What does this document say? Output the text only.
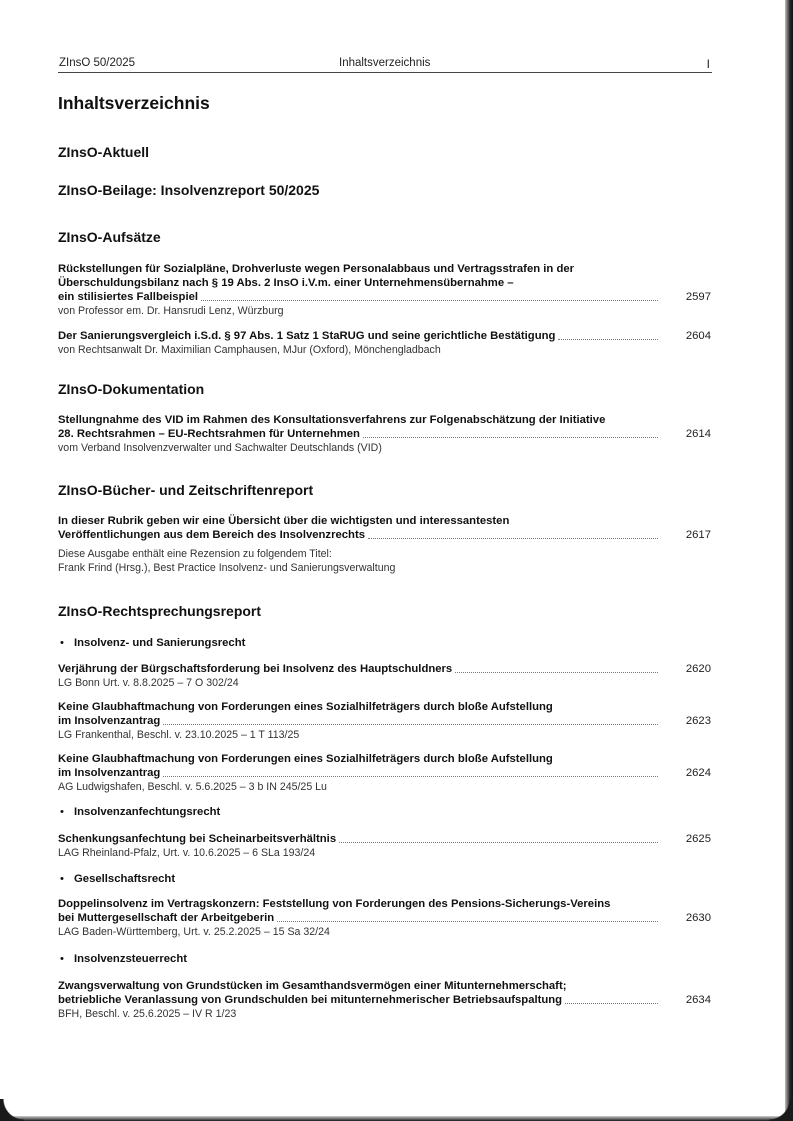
ZInsO 50/2025	Inhaltsverzeichnis	I
Inhaltsverzeichnis
ZInsO-Aktuell
ZInsO-Beilage: Insolvenzreport 50/2025
ZInsO-Aufsätze
Rückstellungen für Sozialpläne, Drohverluste wegen Personalabbaus und Vertragsstrafen in der
Überschuldungsbilanz nach § 19 Abs. 2 InsO i.V.m. einer Unternehmensübernahme –
ein stilisiertes Fallbeispiel	2597
von Professor em. Dr. Hansrudi Lenz, Würzburg
Der Sanierungsvergleich i.S.d. § 97 Abs. 1 Satz 1 StaRUG und seine gerichtliche Bestätigung	2604
von Rechtsanwalt Dr. Maximilian Camphausen, MJur (Oxford), Mönchengladbach
ZInsO-Dokumentation
Stellungnahme des VID im Rahmen des Konsultationsverfahrens zur Folgenabschätzung der Initiative
28. Rechtsrahmen – EU-Rechtsrahmen für Unternehmen	2614
vom Verband Insolvenzverwalter und Sachwalter Deutschlands (VID)
ZInsO-Bücher- und Zeitschriftenreport
In dieser Rubrik geben wir eine Übersicht über die wichtigsten und interessantesten
Veröffentlichungen aus dem Bereich des Insolvenzrechts	2617
Diese Ausgabe enthält eine Rezension zu folgendem Titel:
Frank Frind (Hrsg.), Best Practice Insolvenz- und Sanierungsverwaltung
ZInsO-Rechtsprechungsreport
• Insolvenz- und Sanierungsrecht
Verjährung der Bürgschaftsforderung bei Insolvenz des Hauptschuldners	2620
LG Bonn Urt. v. 8.8.2025 – 7 O 302/24
Keine Glaubhaftmachung von Forderungen eines Sozialhilfeträgers durch bloße Aufstellung
im Insolvenzantrag	2623
LG Frankenthal, Beschl. v. 23.10.2025 – 1 T 113/25
Keine Glaubhaftmachung von Forderungen eines Sozialhilfeträgers durch bloße Aufstellung
im Insolvenzantrag	2624
AG Ludwigshafen, Beschl. v. 5.6.2025 – 3 b IN 245/25 Lu
• Insolvenzanfechtungsrecht
Schenkungsanfechtung bei Scheinarbeitsverhältnis	2625
LAG Rheinland-Pfalz, Urt. v. 10.6.2025 – 6 SLa 193/24
• Gesellschaftsrecht
Doppelinsolvenz im Vertragskonzern: Feststellung von Forderungen des Pensions-Sicherungs-Vereins
bei Muttergesellschaft der Arbeitgeberin	2630
LAG Baden-Württemberg, Urt. v. 25.2.2025 – 15 Sa 32/24
• Insolvenzsteuerrecht
Zwangsverwaltung von Grundstücken im Gesamthandsvermögen einer Mitunternehmerschaft;
betriebliche Veranlassung von Grundschulden bei mitunternehmerischer Betriebsaufspaltung	2634
BFH, Beschl. v. 25.6.2025 – IV R 1/23
